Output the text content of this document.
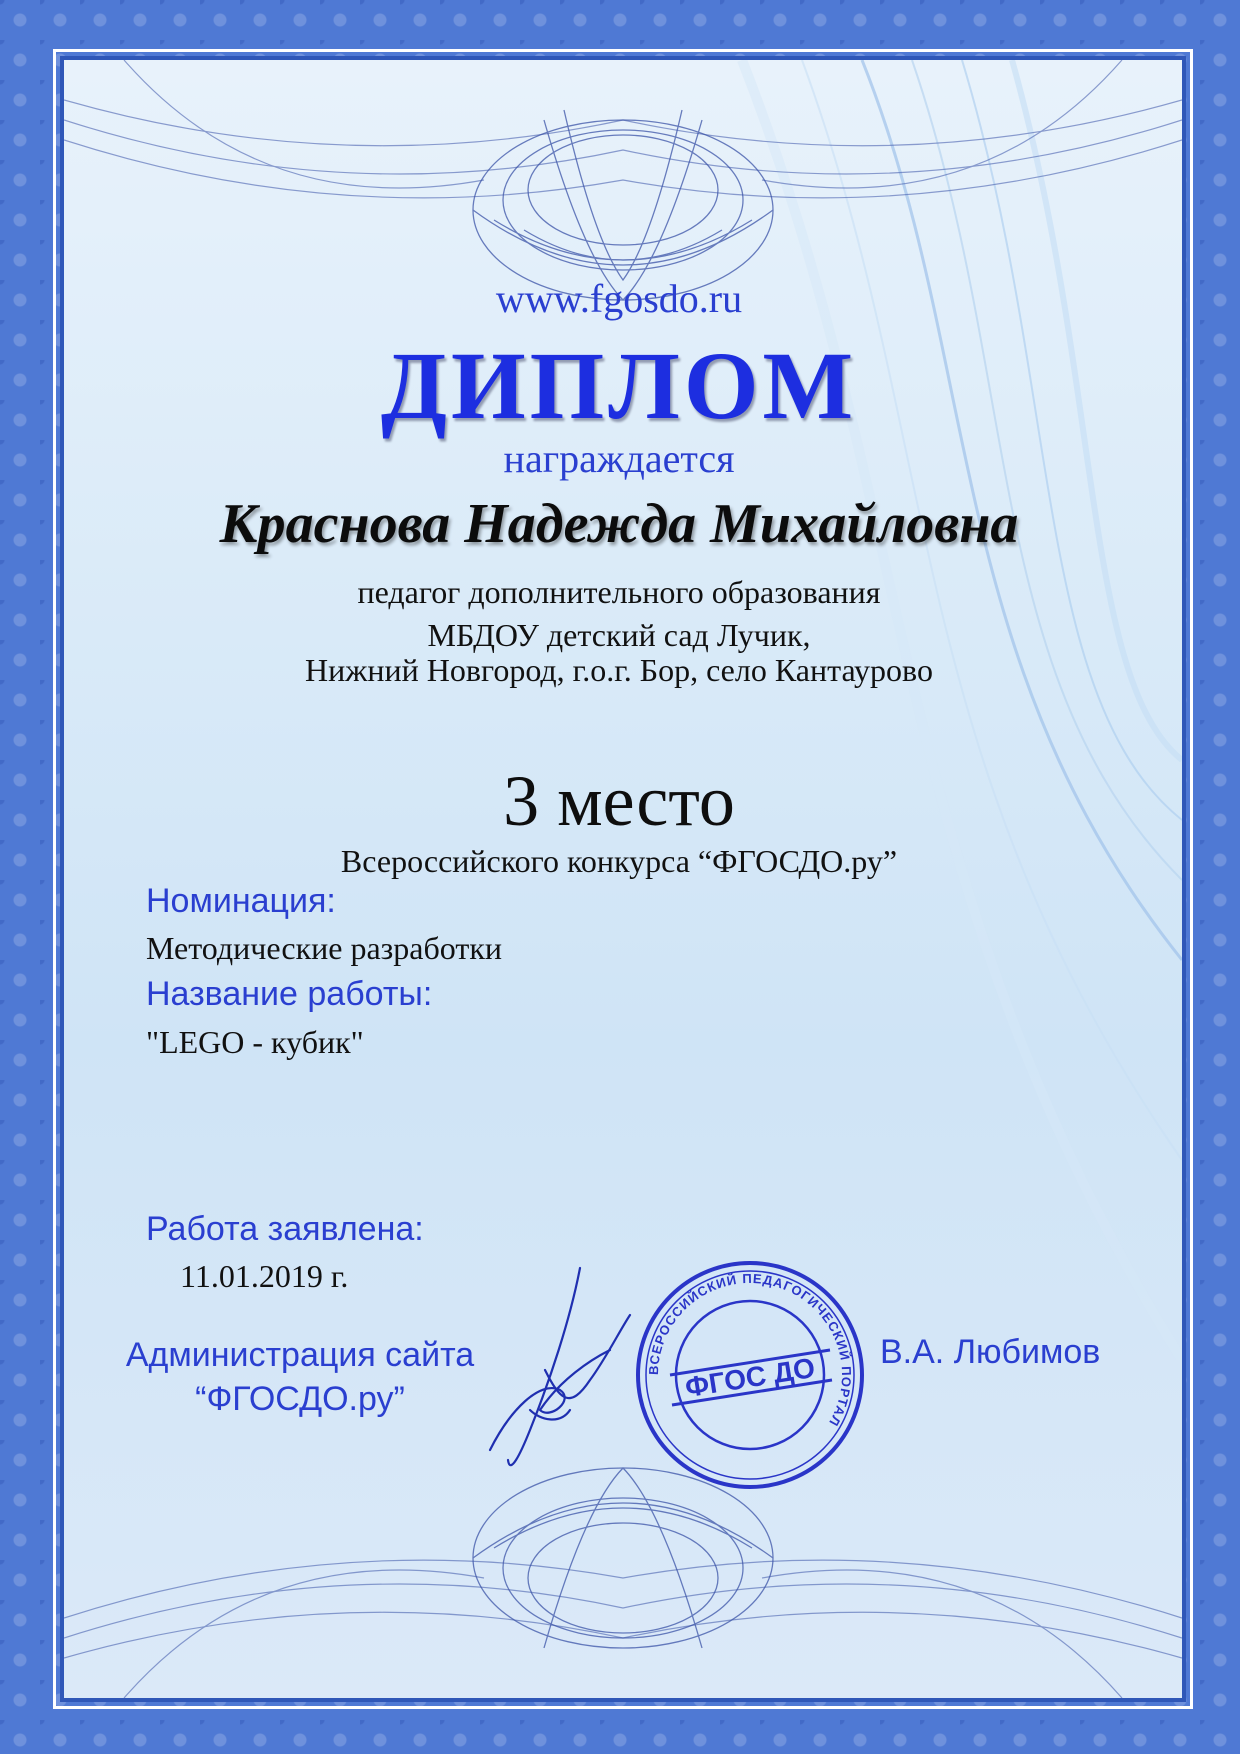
www.fgosdo.ru
ДИПЛОМ
награждается
Краснова Надежда Михайловна
педагог дополнительного образования
МБДОУ детский сад Лучик,
Нижний Новгород, г.о.г. Бор, село Кантаурово
3 место
Всероссийского конкурса “ФГОСДО.ру”
Номинация:
Методические разработки
Название работы:
"LEGO - кубик"
Работа заявлена:
11.01.2019 г.
Администрация сайта
“ФГОСДО.ру”
ВСЕРОССИЙСКИЙ ПЕДАГОГИЧЕСКИЙ ПОРТАЛ
ФГОС ДО В.А. Любимов
